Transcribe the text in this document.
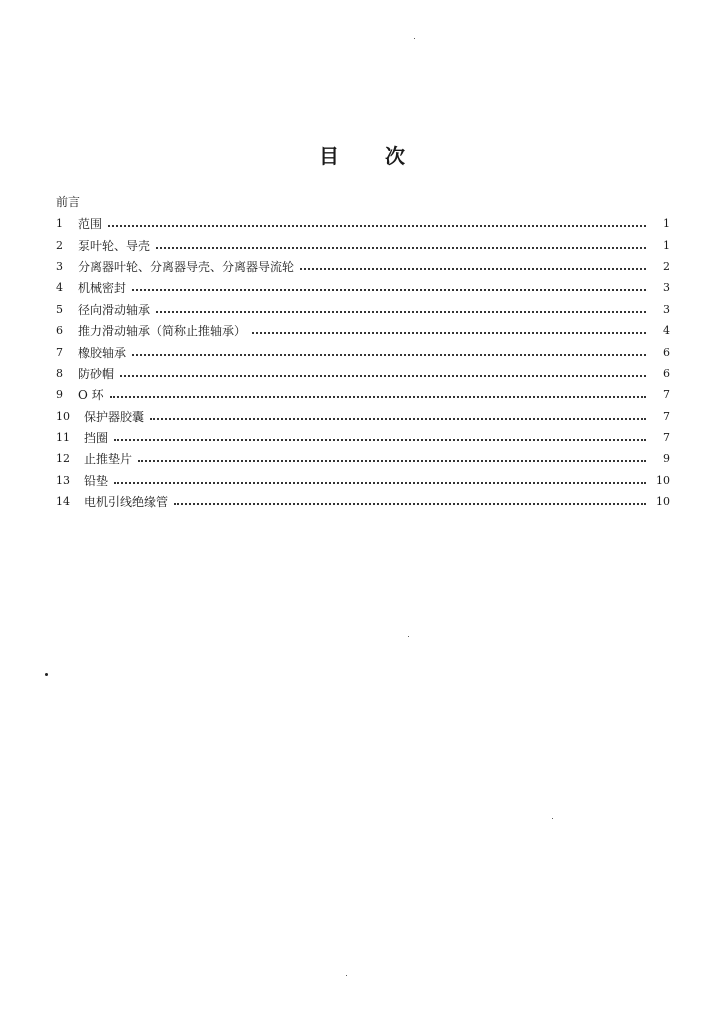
目 次
前言
1	范围	1
2	泵叶轮、导壳	1
3	分离器叶轮、分离器导壳、分离器导流轮	2
4	机械密封	3
5	径向滑动轴承	3
6	推力滑动轴承（简称止推轴承）	4
7	橡胶轴承	6
8	防砂帽	6
9	O 环	7
10	保护器胶囊	7
11	挡圈	7
12	止推垫片	9
13	铅垫	10
14	电机引线绝缘管	10
